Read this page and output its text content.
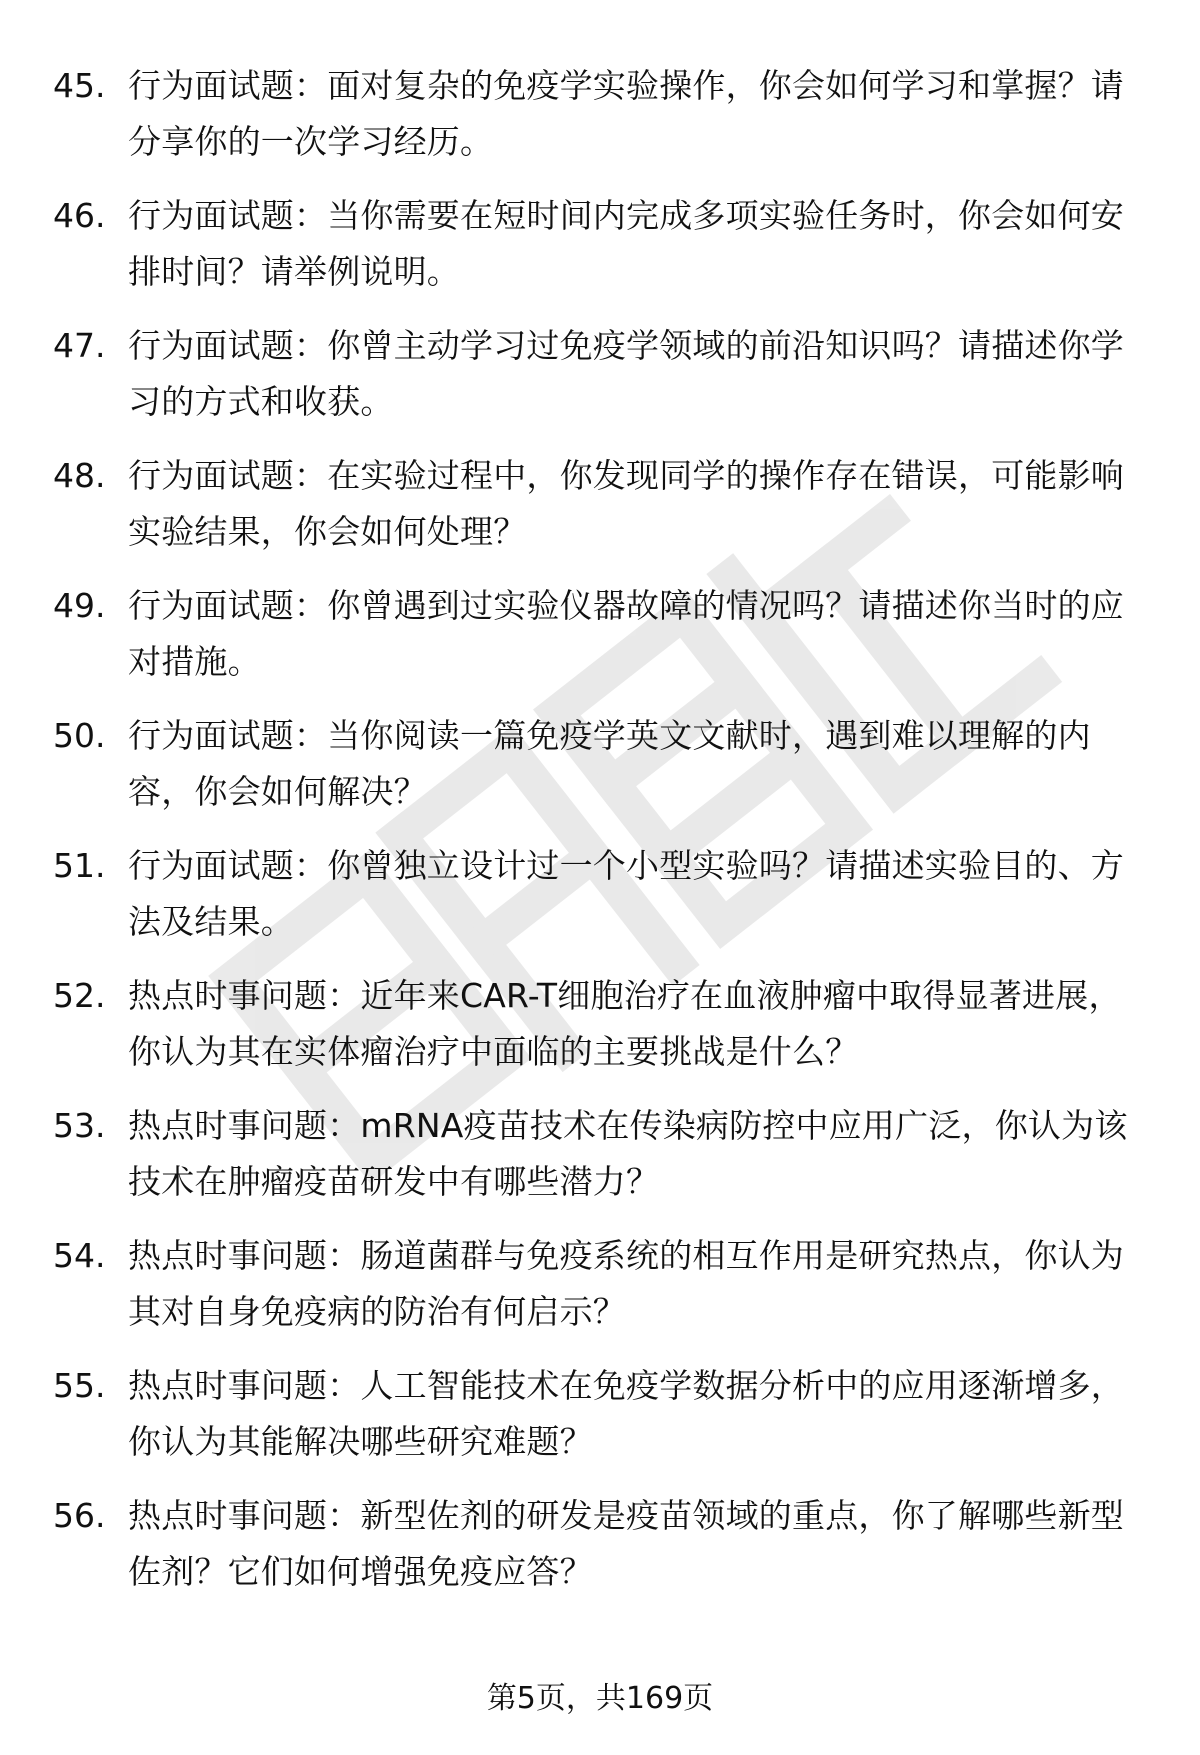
45. 行为面试题：面对复杂的免疫学实验操作，你会如何学习和掌握？请分享你的一次学习经历。
46. 行为面试题：当你需要在短时间内完成多项实验任务时，你会如何安排时间？请举例说明。
47. 行为面试题：你曾主动学习过免疫学领域的前沿知识吗？请描述你学习的方式和收获。
48. 行为面试题：在实验过程中，你发现同学的操作存在错误，可能影响实验结果，你会如何处理？
49. 行为面试题：你曾遇到过实验仪器故障的情况吗？请描述你当时的应对措施。
50. 行为面试题：当你阅读一篇免疫学英文文献时，遇到难以理解的内容，你会如何解决？
51. 行为面试题：你曾独立设计过一个小型实验吗？请描述实验目的、方法及结果。
52. 热点时事问题：近年来CAR-T细胞治疗在血液肿瘤中取得显著进展，你认为其在实体瘤治疗中面临的主要挑战是什么？
53. 热点时事问题：mRNA疫苗技术在传染病防控中应用广泛，你认为该技术在肿瘤疫苗研发中有哪些潜力？
54. 热点时事问题：肠道菌群与免疫系统的相互作用是研究热点，你认为其对自身免疫病的防治有何启示？
55. 热点时事问题：人工智能技术在免疫学数据分析中的应用逐渐增多，你认为其能解决哪些研究难题？
56. 热点时事问题：新型佐剂的研发是疫苗领域的重点，你了解哪些新型佐剂？它们如何增强免疫应答？
第5页，共169页
